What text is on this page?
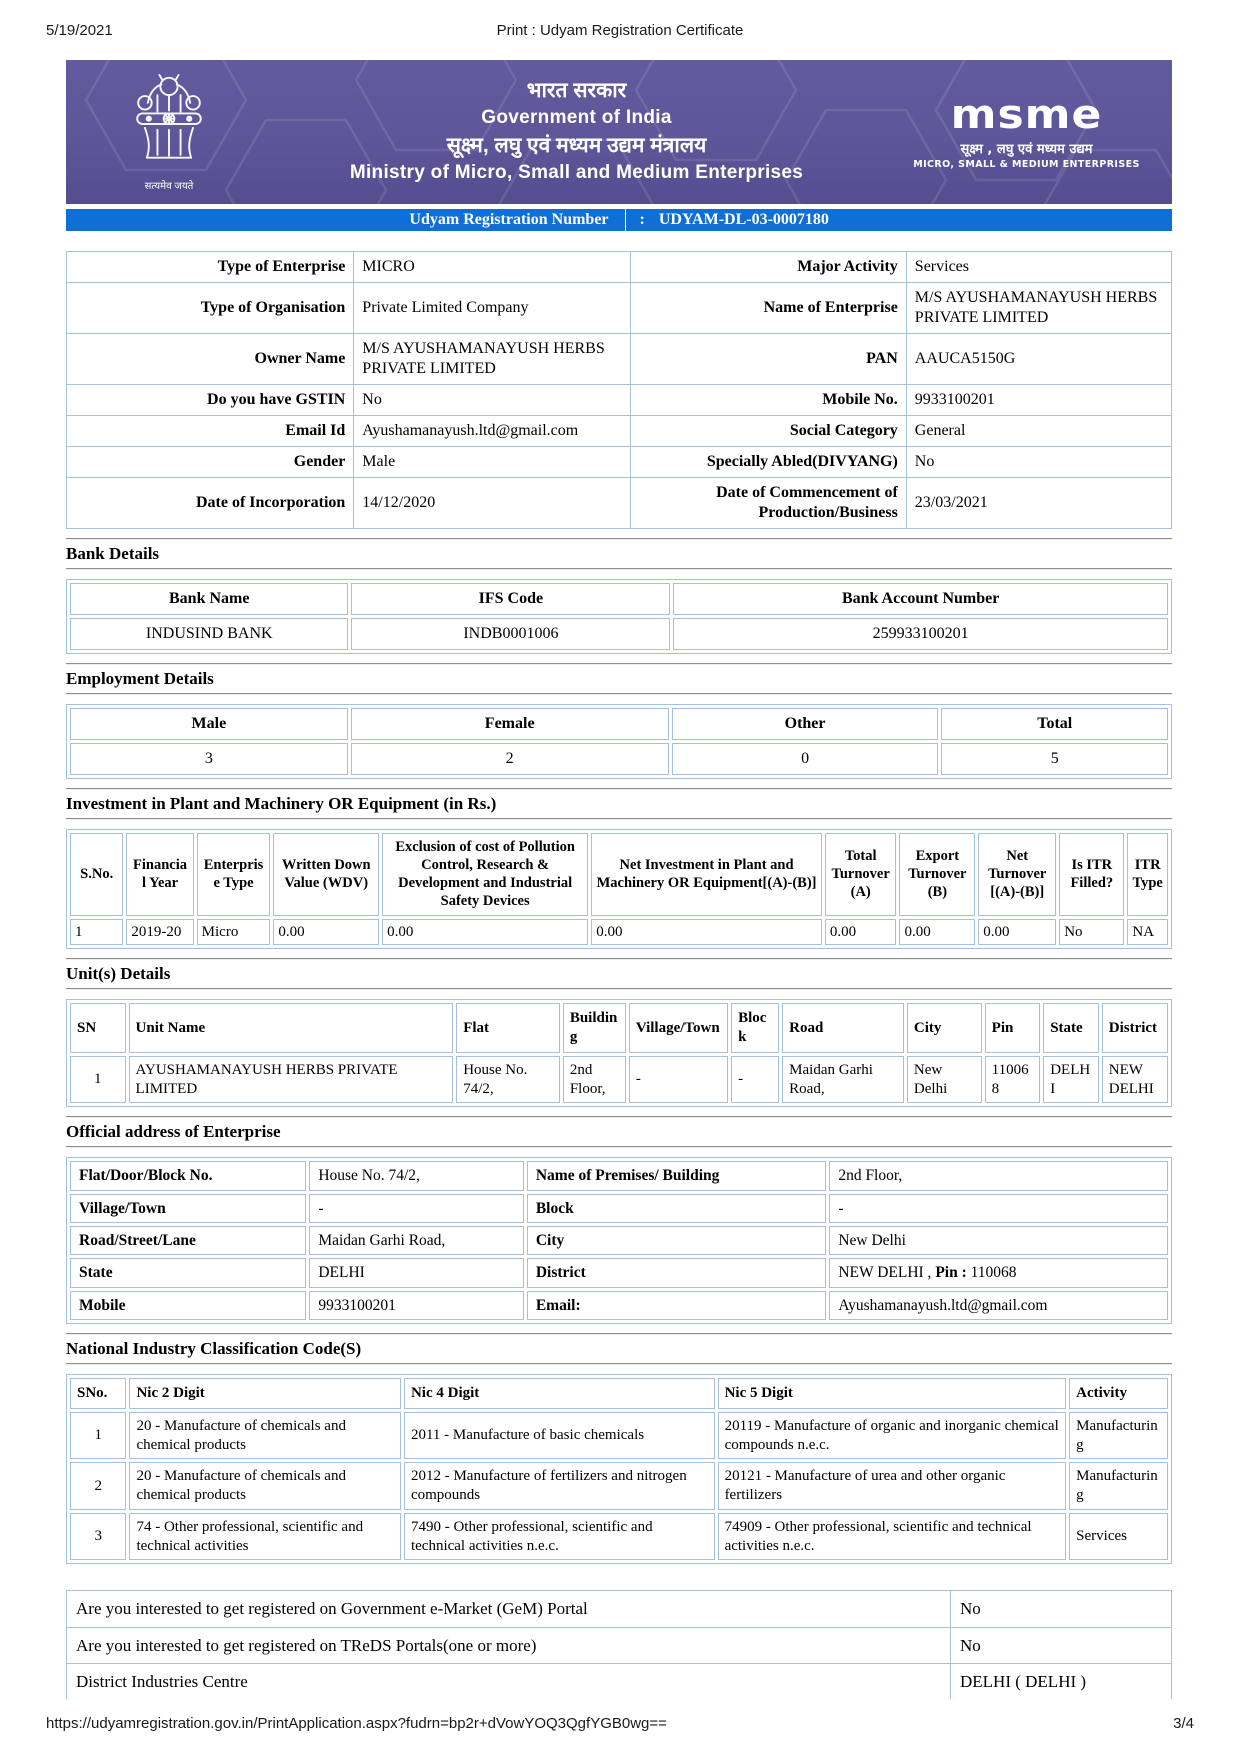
5/19/2021	Print : Udyam Registration Certificate
सत्यमेव जयते
भारत सरकार
Government of India
सूक्ष्म, लघु एवं मध्यम उद्यम मंत्रालय
Ministry of Micro, Small and Medium Enterprises
msme
सूक्ष्म , लघु एवं मध्यम उद्यम
MICRO, SMALL & MEDIUM ENTERPRISES
Udyam Registration Number	: UDYAM-DL-03-0007180
Type of Enterprise	MICRO	Major Activity	Services
Type of Organisation	Private Limited Company	Name of Enterprise	M/S AYUSHAMANAYUSH HERBS PRIVATE LIMITED
Owner Name	M/S AYUSHAMANAYUSH HERBS PRIVATE LIMITED	PAN	AAUCA5150G
Do you have GSTIN	No	Mobile No.	9933100201
Email Id	Ayushamanayush.ltd@gmail.com	Social Category	General
Gender	Male	Specially Abled(DIVYANG)	No
Date of Incorporation	14/12/2020	Date of Commencement of Production/Business	23/03/2021
Bank Details
Bank Name	IFS Code	Bank Account Number
INDUSIND BANK	INDB0001006	259933100201
Employment Details
Male	Female	Other	Total
3	2	0	5
Investment in Plant and Machinery OR Equipment (in Rs.)
S.No.	Financial Year	Enterprise Type	Written Down Value (WDV)	Exclusion of cost of Pollution Control, Research & Development and Industrial Safety Devices	Net Investment in Plant and Machinery OR Equipment[(A)-(B)]	Total Turnover (A)	Export Turnover (B)	Net Turnover [(A)-(B)]	Is ITR Filled?	ITR Type
1	2019-20	Micro	0.00	0.00	0.00	0.00	0.00	0.00	No	NA
Unit(s) Details
SN	Unit Name	Flat	Building	Village/Town	Block	Road	City	Pin	State	District
1	AYUSHAMANAYUSH HERBS PRIVATE LIMITED	House No. 74/2,	2nd Floor,	-	-	Maidan Garhi Road,	New Delhi	110068	DELHI	NEW DELHI
Official address of Enterprise
Flat/Door/Block No.	House No. 74/2,	Name of Premises/ Building	2nd Floor,
Village/Town	-	Block	-
Road/Street/Lane	Maidan Garhi Road,	City	New Delhi
State	DELHI	District	NEW DELHI , Pin : 110068
Mobile	9933100201	Email:	Ayushamanayush.ltd@gmail.com
National Industry Classification Code(S)
SNo.	Nic 2 Digit	Nic 4 Digit	Nic 5 Digit	Activity
1	20 - Manufacture of chemicals and chemical products	2011 - Manufacture of basic chemicals	20119 - Manufacture of organic and inorganic chemical compounds n.e.c.	Manufacturing
2	20 - Manufacture of chemicals and chemical products	2012 - Manufacture of fertilizers and nitrogen compounds	20121 - Manufacture of urea and other organic fertilizers	Manufacturing
3	74 - Other professional, scientific and technical activities	7490 - Other professional, scientific and technical activities n.e.c.	74909 - Other professional, scientific and technical activities n.e.c.	Services
Are you interested to get registered on Government e-Market (GeM) Portal	No
Are you interested to get registered on TReDS Portals(one or more)	No
District Industries Centre	DELHI ( DELHI )
https://udyamregistration.gov.in/PrintApplication.aspx?fudrn=bp2r+dVowYOQ3QgfYGB0wg==	3/4
